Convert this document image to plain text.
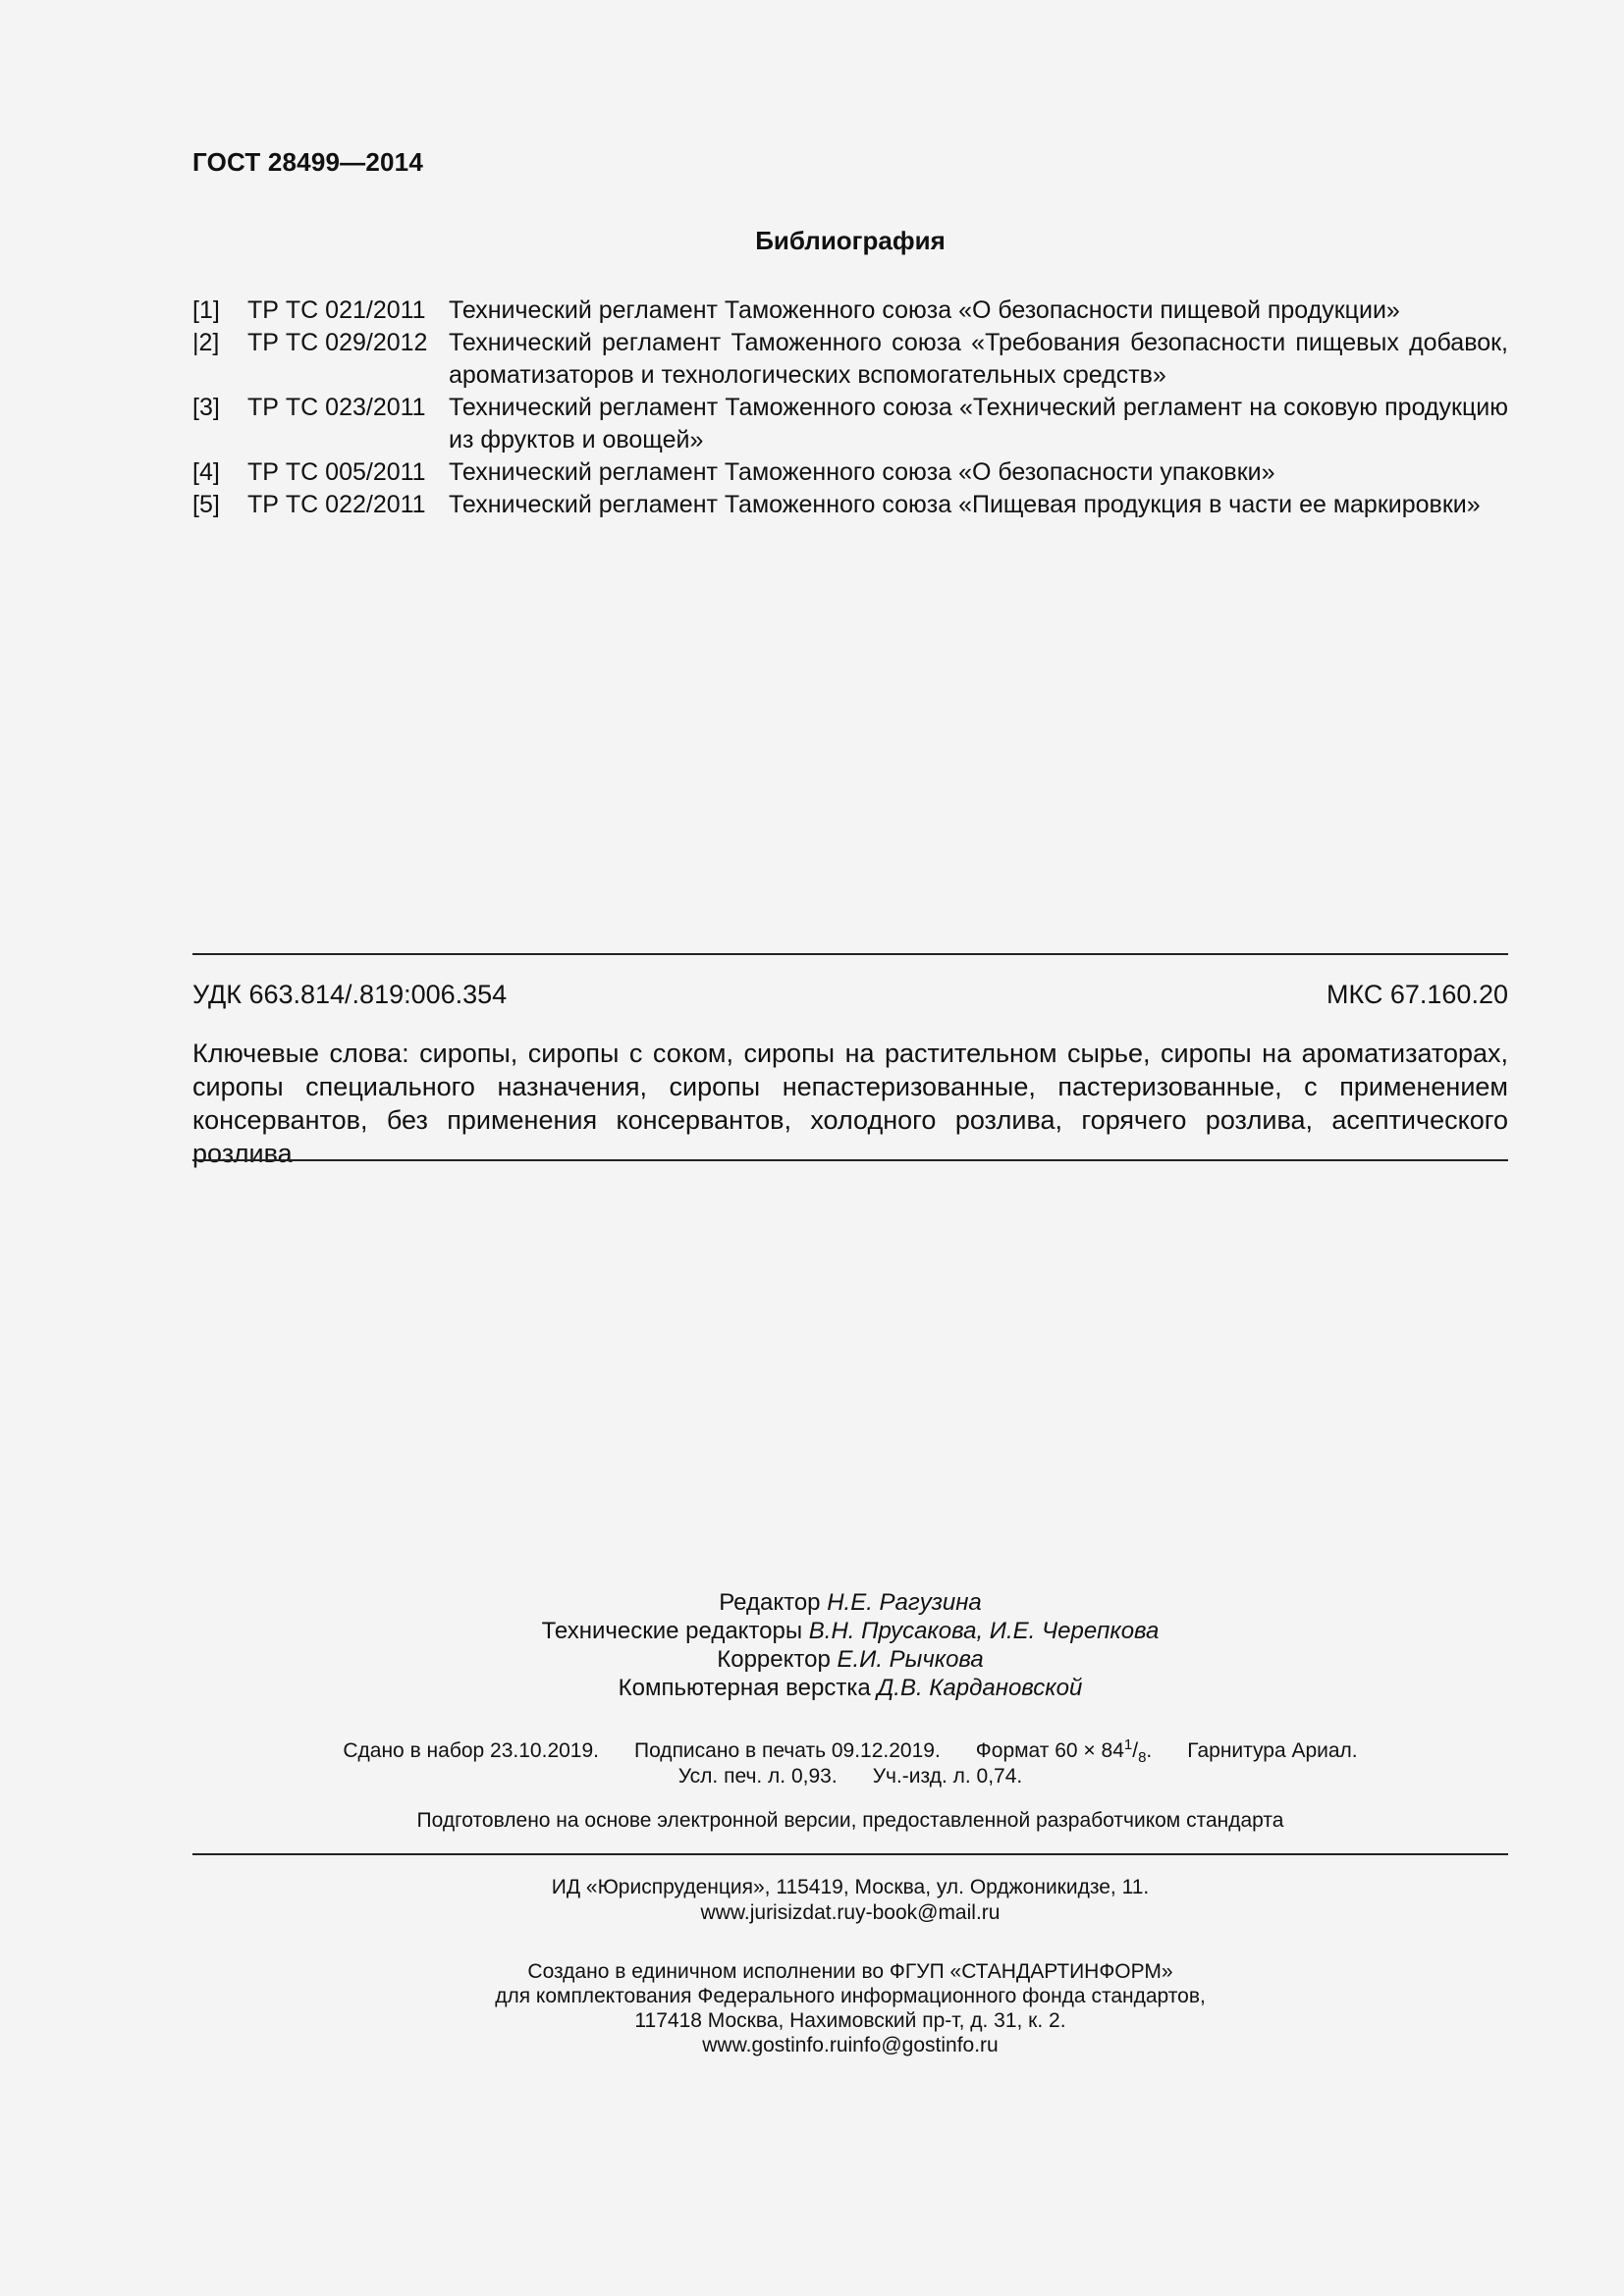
ГОСТ 28499—2014
Библиография
[1]	ТР ТС 021/2011 Технический регламент Таможенного союза «О безопасности пищевой продукции»
|2]	ТР ТС 029/2012 Технический регламент Таможенного союза «Требования безопасности пищевых добавок, ароматизаторов и технологических вспомогательных средств»
[3]	ТР ТС 023/2011 Технический регламент Таможенного союза «Технический регламент на соковую продукцию из фруктов и овощей»
[4]	ТР ТС 005/2011 Технический регламент Таможенного союза «О безопасности упаковки»
[5]	ТР ТС 022/2011 Технический регламент Таможенного союза «Пищевая продукция в части ее маркировки»
УДК 663.814/.819:006.354	МКС 67.160.20
Ключевые слова: сиропы, сиропы с соком, сиропы на растительном сырье, сиропы на ароматизаторах, сиропы специального назначения, сиропы непастеризованные, пастеризованные, с применением консервантов, без применения консервантов, холодного розлива, горячего розлива, асептического розлива
Редактор Н.Е. Рагузина
Технические редакторы В.Н. Прусакова, И.Е. Черепкова
Корректор Е.И. Рычкова
Компьютерная верстка Д.В. Кардановской
Сдано в набор 23.10.2019. Подписано в печать 09.12.2019. Формат $60 \times 84^1/_8$. Гарнитура Ариал.
Усл. печ. л. 0,93. Уч.-изд. л. 0,74.
Подготовлено на основе электронной версии, предоставленной разработчиком стандарта
ИД «Юриспруденция», 115419, Москва, ул. Орджоникидзе, 11.
www.jurisizdat.ruy-book@mail.ru
Создано в единичном исполнении во ФГУП «СТАНДАРТИНФОРМ»
для комплектования Федерального информационного фонда стандартов,
117418 Москва, Нахимовский пр-т, д. 31, к. 2.
www.gostinfo.ruinfo@gostinfo.ru
